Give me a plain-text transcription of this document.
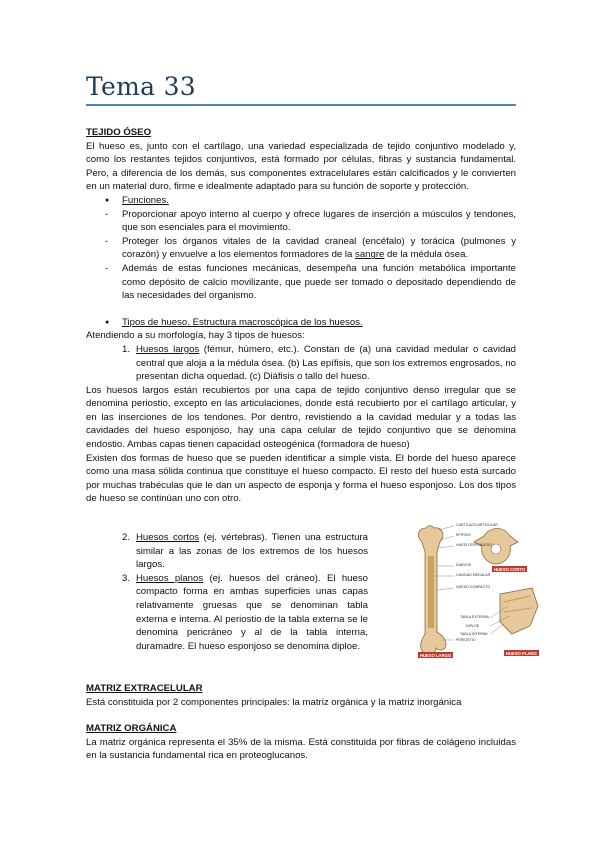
Tema 33
TEJIDO ÓSEO
El hueso es, junto con el cartílago, una variedad especializada de tejido conjuntivo modelado y, como los restantes tejidos conjuntivos, está formado por células, fibras y sustancia fundamental. Pero, a diferencia de los demás, sus componentes extracelulares están calcificados y le convierten en un material duro, firme e idealmente adaptado para su función de soporte y protección.
● Funciones.
- Proporcionar apoyo interno al cuerpo y ofrece lugares de inserción a músculos y tendones, que son esenciales para el movimiento.
- Proteger los órganos vitales de la cavidad craneal (encéfalo) y torácica (pulmones y corazón) y envuelve a los elementos formadores de la sangre de la médula ósea.
- Además de estas funciones mecánicas, desempeña una función metabólica importante como depósito de calcio movilizante, que puede ser tomado o depositado dependiendo de las necesidades del organismo.
● Tipos de hueso. Estructura macroscópica de los huesos.
Atendiendo a su morfología, hay 3 tipos de huesos:
1. Huesos largos (fémur, húmero, etc.). Constan de (a) una cavidad medular o cavidad central que aloja a la médula ósea. (b) Las epífisis, que son los extremos engrosados, no presentan dicha oquedad. (c) Diáfisis o tallo del hueso.
Los huesos largos están recubiertos por una capa de tejido conjuntivo denso irregular que se denomina periostio, excepto en las articulaciones, donde está recubierto por el cartílago articular, y en las inserciones de los tendones. Por dentro, revistiendo a la cavidad medular y a todas las cavidades del hueso esponjoso, hay una capa celular de tejido conjuntivo que se denomina endostio. Ambas capas tienen capacidad osteogénica (formadora de hueso)
Existen dos formas de hueso que se pueden identificar a simple vista. El borde del hueso aparece como una masa sólida continua que constituye el hueso compacto. El resto del hueso está surcado por muchas trabéculas que le dan un aspecto de esponja y forma el hueso esponjoso. Los dos tipos de hueso se continúan uno con otro.
2. Huesos cortos (ej. vértebras). Tienen una estructura similar a las zonas de los extremos de los huesos largos.
3. Huesos planos (ej. huesos del cráneo). El hueso compacto forma en ambas superficies unas capas relativamente gruesas que se denominan tabla externa e interna. Al periostio de la tabla externa se le denomina pericráneo y al de la tabla interna, duramadre. El hueso esponjoso se denomina diploe.
CARTÍLAGO ARTICULAR
EPÍFISIS
HUESO ESPONJOSO
DIÁFISIS
CAVIDAD MEDULAR
HUESO COMPACTO
TABLA EXTERNA
DIPLOE
TABLA INTERNA
PERIOSTIO
HUESO LARGO
HUESO CORTO
HUESO PLANO
MATRIZ EXTRACELULAR
Está constituida por 2 componentes principales: la matriz orgánica y la matriz inorgánica
MATRIZ ORGÁNICA
La matriz orgánica representa el 35% de la misma. Está constituida por fibras de colágeno incluidas en la sustancia fundamental rica en proteoglucanos.
